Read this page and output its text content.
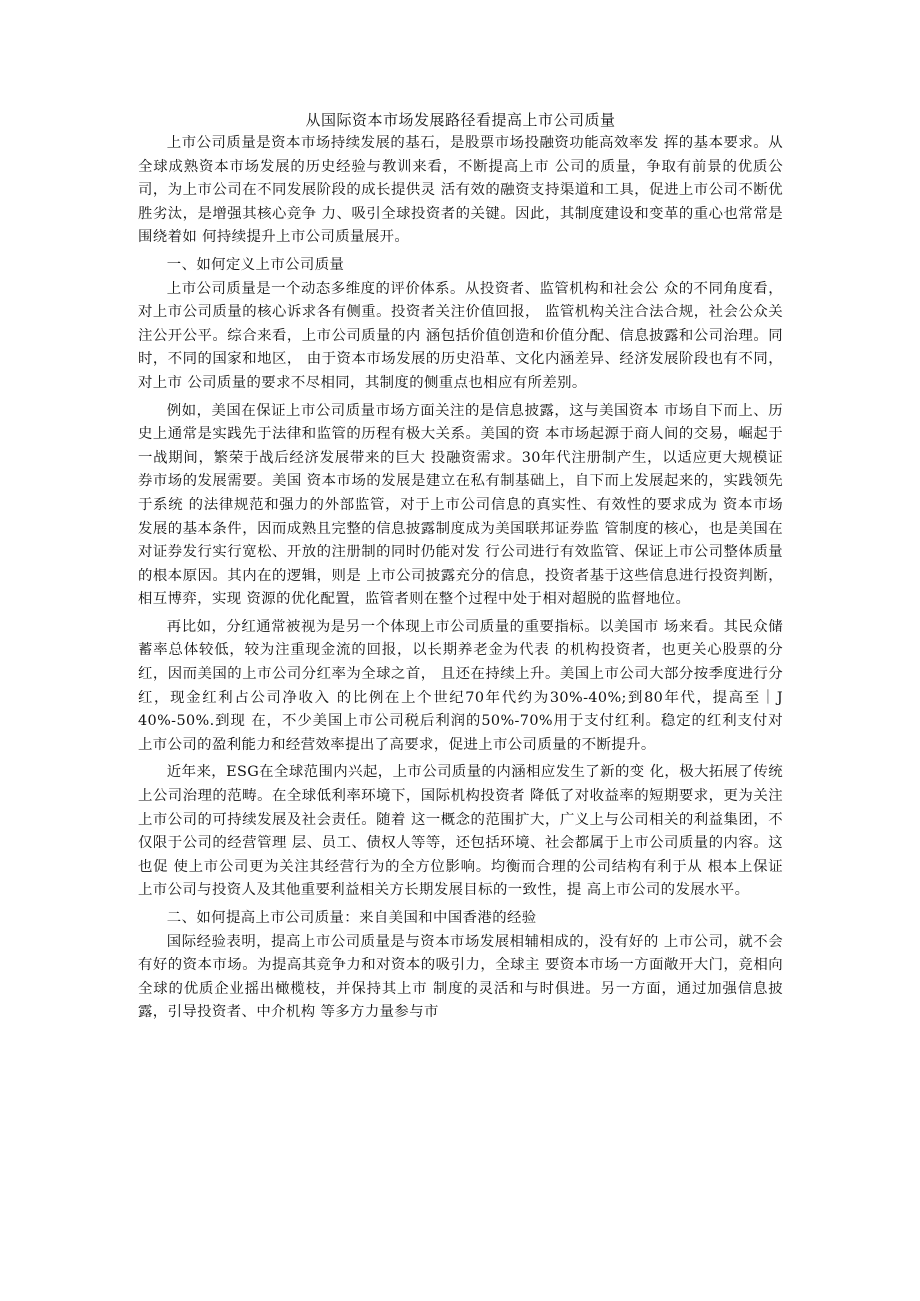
从国际资本市场发展路径看提高上市公司质量

上市公司质量是资本市场持续发展的基石，是股票市场投融资功能高效率发 挥的基本要求。从全球成熟资本市场发展的历史经验与教训来看，不断提高上市 公司的质量，争取有前景的优质公司，为上市公司在不同发展阶段的成长提供灵 活有效的融资支持渠道和工具，促进上市公司不断优胜劣汰，是增强其核心竞争 力、吸引全球投资者的关键。因此，其制度建设和变革的重心也常常是围绕着如 何持续提升上市公司质量展开。

一、如何定义上市公司质量

上市公司质量是一个动态多维度的评价体系。从投资者、监管机构和社会公 众的不同角度看，对上市公司质量的核心诉求各有侧重。投资者关注价值回报， 监管机构关注合法合规，社会公众关注公开公平。综合来看，上市公司质量的内 涵包括价值创造和价值分配、信息披露和公司治理。同时，不同的国家和地区， 由于资本市场发展的历史沿革、文化内涵差异、经济发展阶段也有不同，对上市 公司质量的要求不尽相同，其制度的侧重点也相应有所差别。

例如，美国在保证上市公司质量市场方面关注的是信息披露，这与美国资本 市场自下而上、历史上通常是实践先于法律和监管的历程有极大关系。美国的资 本市场起源于商人间的交易，崛起于一战期间，繁荣于战后经济发展带来的巨大 投融资需求。30年代注册制产生，以适应更大规模证券市场的发展需要。美国 资本市场的发展是建立在私有制基础上，自下而上发展起来的，实践领先于系统 的法律规范和强力的外部监管，对于上市公司信息的真实性、有效性的要求成为 资本市场发展的基本条件，因而成熟且完整的信息披露制度成为美国联邦证券监 管制度的核心，也是美国在对证券发行实行宽松、开放的注册制的同时仍能对发 行公司进行有效监管、保证上市公司整体质量的根本原因。其内在的逻辑，则是 上市公司披露充分的信息，投资者基于这些信息进行投资判断，相互博弈，实现 资源的优化配置，监管者则在整个过程中处于相对超脱的监督地位。

再比如，分红通常被视为是另一个体现上市公司质量的重要指标。以美国市 场来看。其民众储蓄率总体较低，较为注重现金流的回报，以长期养老金为代表 的机构投资者，也更关心股票的分红，因而美国的上市公司分红率为全球之首， 且还在持续上升。美国上市公司大部分按季度进行分红，现金红利占公司净收入 的比例在上个世纪70年代约为30%-40%;到80年代，提高至｜J 40%-50%.到现 在，不少美国上市公司税后利润的50%-70%用于支付红利。稳定的红利支付对 上市公司的盈利能力和经营效率提出了高要求，促进上市公司质量的不断提升。

近年来，ESG在全球范围内兴起，上市公司质量的内涵相应发生了新的变 化，极大拓展了传统上公司治理的范畴。在全球低利率环境下，国际机构投资者 降低了对收益率的短期要求，更为关注上市公司的可持续发展及社会责任。随着 这一概念的范围扩大，广义上与公司相关的利益集团，不仅限于公司的经营管理 层、员工、债权人等等，还包括环境、社会都属于上市公司质量的内容。这也促 使上市公司更为关注其经营行为的全方位影响。均衡而合理的公司结构有利于从 根本上保证上市公司与投资人及其他重要利益相关方长期发展目标的一致性，提 高上市公司的发展水平。

二、如何提高上市公司质量：来自美国和中国香港的经验

国际经验表明，提高上市公司质量是与资本市场发展相辅相成的，没有好的 上市公司，就不会有好的资本市场。为提高其竞争力和对资本的吸引力，全球主 要资本市场一方面敞开大门，竞相向全球的优质企业摇出橄榄枝，并保持其上市 制度的灵活和与时俱进。另一方面，通过加强信息披露，引导投资者、中介机构 等多方力量参与市
